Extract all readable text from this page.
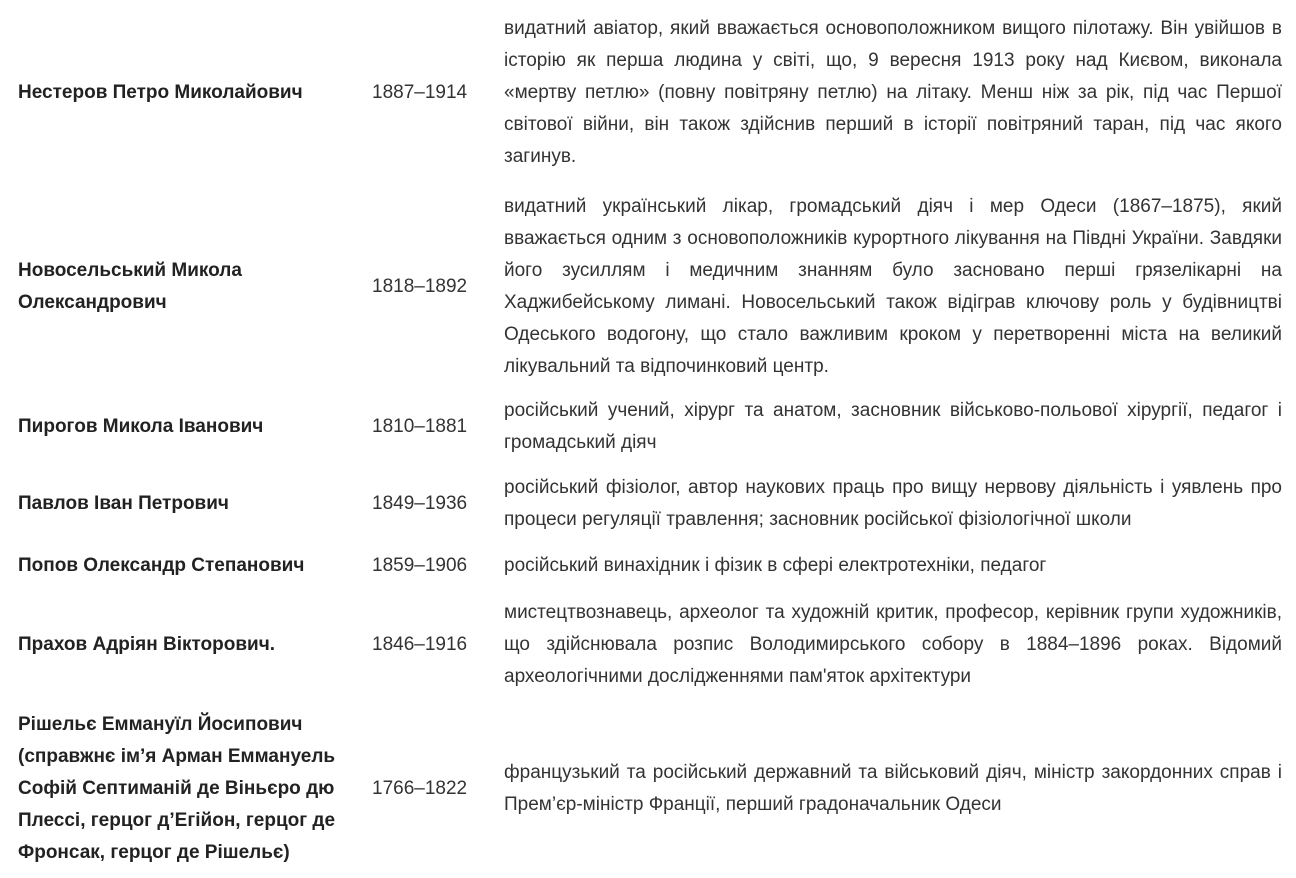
Нестеров Петро Миколайович	1887–1914	видатний авіатор, який вважається основоположником вищого пілотажу. Він увійшов в історію як перша людина у світі, що, 9 вересня 1913 року над Києвом, виконала «мертву петлю» (повну повітряну петлю) на літаку. Менш ніж за рік, під час Першої світової війни, він також здійснив перший в історії повітряний таран, під час якого загинув.
Новосельський Микола Олександрович	1818–1892	видатний український лікар, громадський діяч і мер Одеси (1867–1875), який вважається одним з основоположників курортного лікування на Півдні України. Завдяки його зусиллям і медичним знанням було засновано перші грязелікарні на Хаджибейському лимані. Новосельський також відіграв ключову роль у будівництві Одеського водогону, що стало важливим кроком у перетворенні міста на великий лікувальний та відпочинковий центр.
Пирогов Микола Іванович	1810–1881	російський учений, хірург та анатом, засновник військово-польової хірургії, педагог і громадський діяч
Павлов Іван Петрович	1849–1936	російський фізіолог, автор наукових праць про вищу нервову діяльність і уявлень про процеси регуляції травлення; засновник російської фізіологічної школи
Попов Олександр Степанович	1859–1906	російський винахідник і фізик в сфері електротехніки, педагог
Прахов Адріян Вікторович.	1846–1916	мистецтвознавець, археолог та художній критик, професор, керівник групи художників, що здійснювала розпис Володимирського собору в 1884–1896 роках. Відомий археологічними дослідженнями пам'яток архітектури
Рішельє Еммануїл Йосипович (справжнє ім’я Арман Еммануель Софій Септиманій де Віньєро дю Плессі, герцог д’Егійон, герцог де Фронсак, герцог де Рішельє)	1766–1822	французький та російський державний та військовий діяч, міністр закордонних справ і Прем’єр-міністр Франції, перший градоначальник Одеси
